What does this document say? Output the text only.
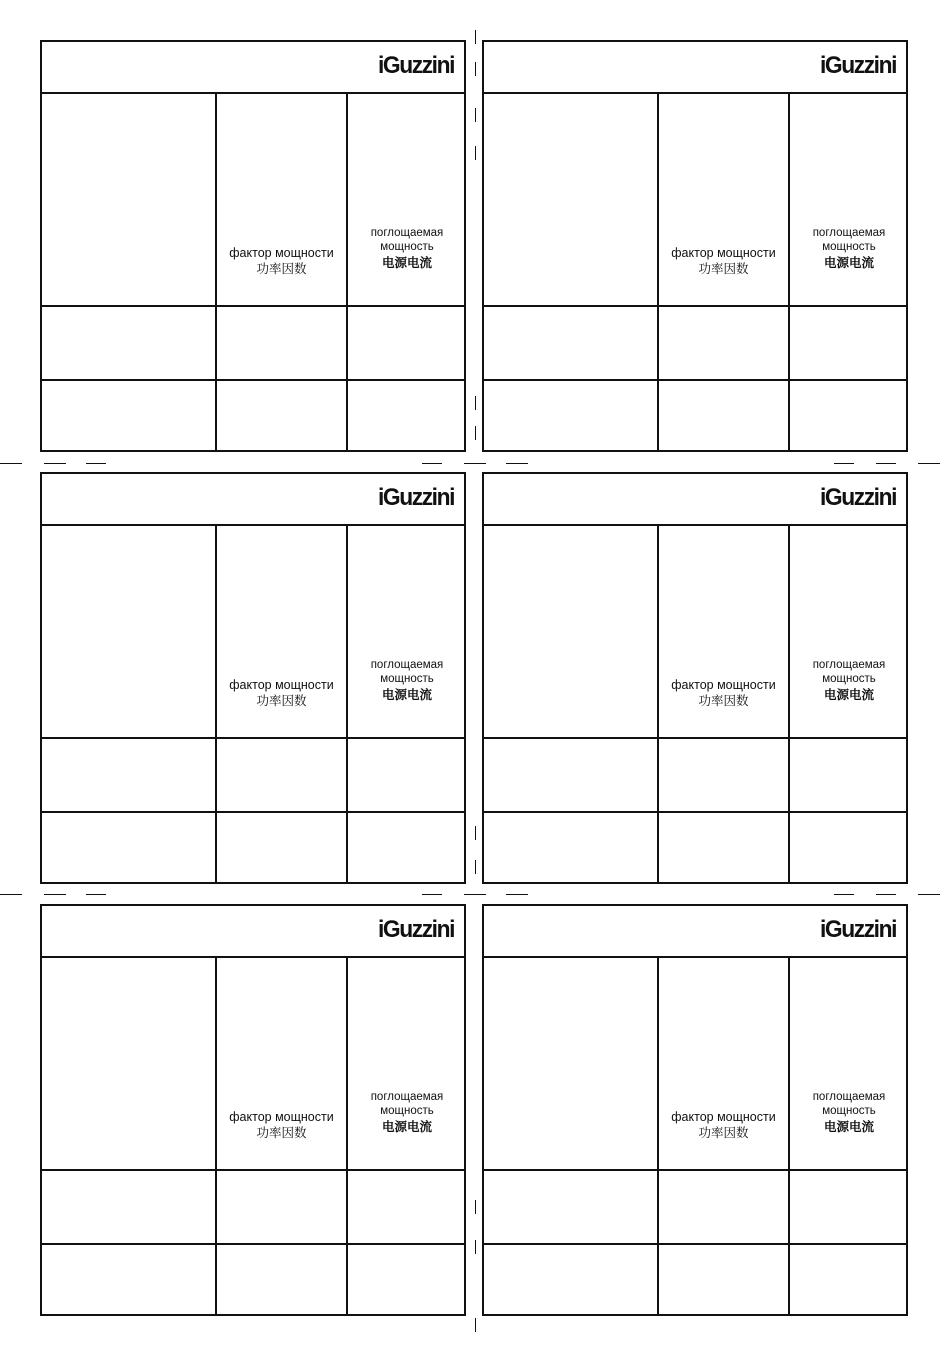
iGuzzini
фактор мощности
功率因数
поглощаемая
мощность
电源电流
iGuzzini
фактор мощности
功率因数
поглощаемая
мощность
电源电流
iGuzzini
фактор мощности
功率因数
поглощаемая
мощность
电源电流
iGuzzini
фактор мощности
功率因数
поглощаемая
мощность
电源电流
iGuzzini
фактор мощности
功率因数
поглощаемая
мощность
电源电流
iGuzzini
фактор мощности
功率因数
поглощаемая
мощность
电源电流
